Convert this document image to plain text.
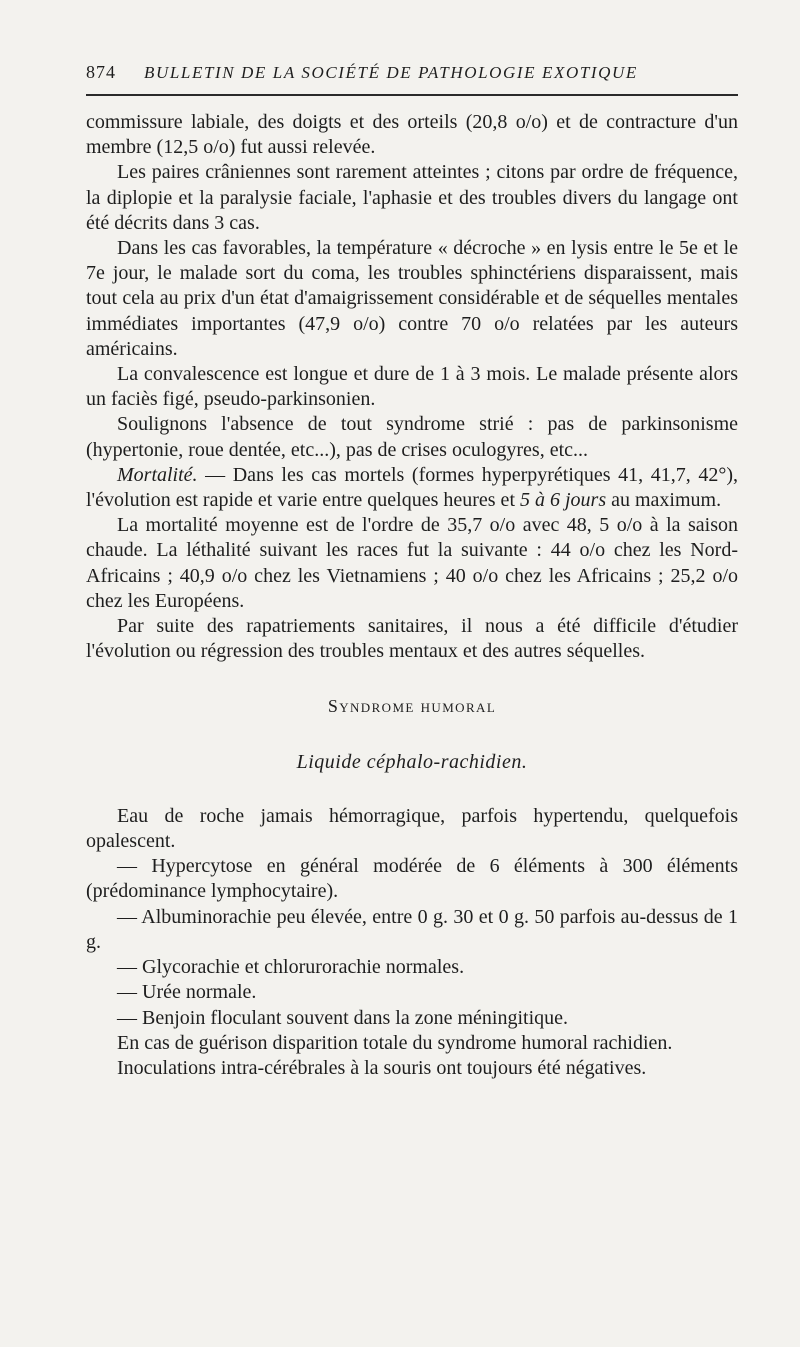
874 BULLETIN DE LA SOCIÉTÉ DE PATHOLOGIE EXOTIQUE

commissure labiale, des doigts et des orteils (20,8 o/o) et de contracture d'un membre (12,5 o/o) fut aussi relevée.

Les paires crâniennes sont rarement atteintes ; citons par ordre de fréquence, la diplopie et la paralysie faciale, l'aphasie et des troubles divers du langage ont été décrits dans 3 cas.

Dans les cas favorables, la température « décroche » en lysis entre le 5e et le 7e jour, le malade sort du coma, les troubles sphinctériens disparaissent, mais tout cela au prix d'un état d'amaigrissement considérable et de séquelles mentales immédiates importantes (47,9 o/o) contre 70 o/o relatées par les auteurs américains.

La convalescence est longue et dure de 1 à 3 mois. Le malade présente alors un faciès figé, pseudo-parkinsonien.

Soulignons l'absence de tout syndrome strié : pas de parkinsonisme (hypertonie, roue dentée, etc...), pas de crises oculogyres, etc...

Mortalité. — Dans les cas mortels (formes hyperpyrétiques 41, 41,7, 42°), l'évolution est rapide et varie entre quelques heures et 5 à 6 jours au maximum.

La mortalité moyenne est de l'ordre de 35,7 o/o avec 48, 5 o/o à la saison chaude. La léthalité suivant les races fut la suivante : 44 o/o chez les Nord-Africains ; 40,9 o/o chez les Vietnamiens ; 40 o/o chez les Africains ; 25,2 o/o chez les Européens.

Par suite des rapatriements sanitaires, il nous a été difficile d'étudier l'évolution ou régression des troubles mentaux et des autres séquelles.

Syndrome humoral
Liquide céphalo-rachidien.

Eau de roche jamais hémorragique, parfois hypertendu, quelquefois opalescent.

— Hypercytose en général modérée de 6 éléments à 300 éléments (prédominance lymphocytaire).

— Albuminorachie peu élevée, entre 0 g. 30 et 0 g. 50 parfois au-dessus de 1 g.

— Glycorachie et chlorurorachie normales.

— Urée normale.

— Benjoin floculant souvent dans la zone méningitique.

En cas de guérison disparition totale du syndrome humoral rachidien.

Inoculations intra-cérébrales à la souris ont toujours été négatives.
